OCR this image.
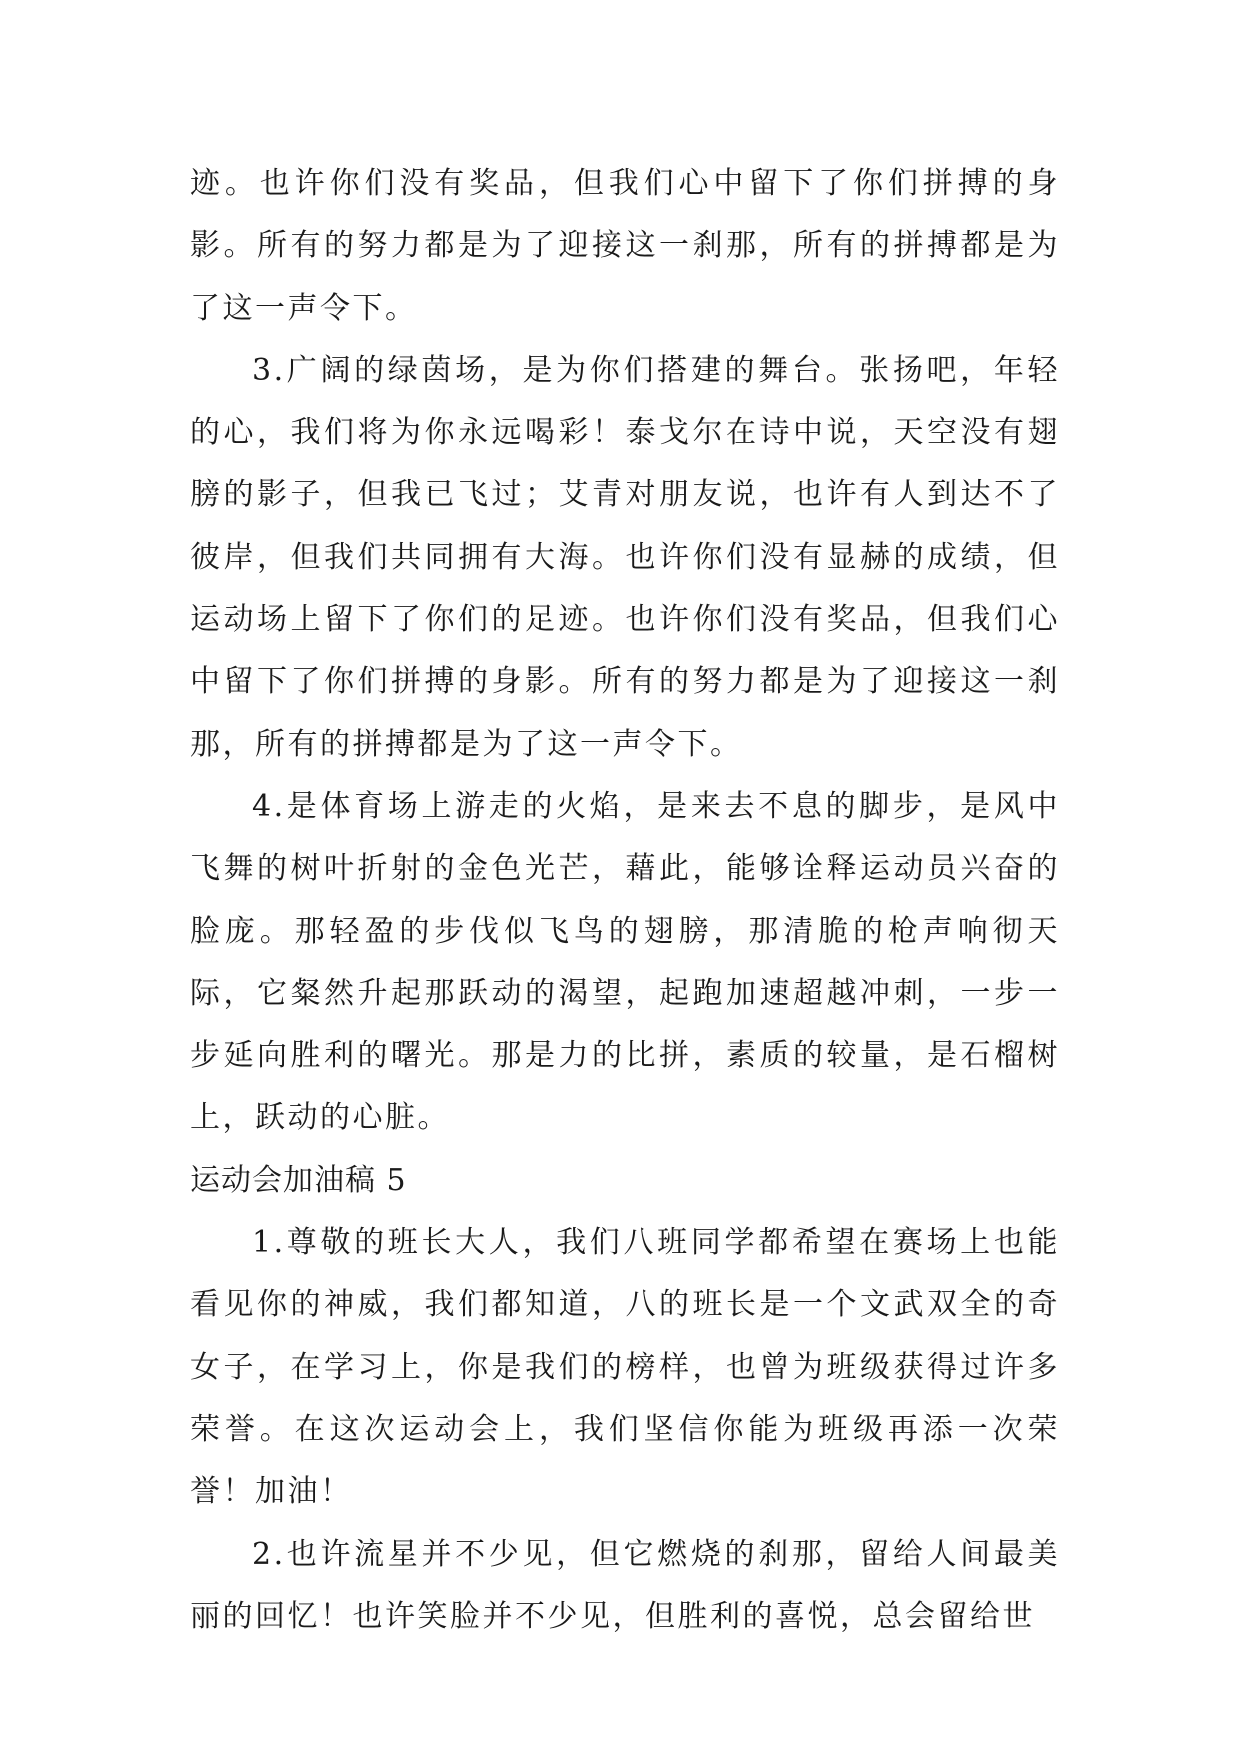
迹。也许你们没有奖品，但我们心中留下了你们拼搏的身影。所有的努力都是为了迎接这一刹那，所有的拼搏都是为了这一声令下。

3.广阔的绿茵场，是为你们搭建的舞台。张扬吧，年轻的心，我们将为你永远喝彩！泰戈尔在诗中说，天空没有翅膀的影子，但我已飞过；艾青对朋友说，也许有人到达不了彼岸，但我们共同拥有大海。也许你们没有显赫的成绩，但运动场上留下了你们的足迹。也许你们没有奖品，但我们心中留下了你们拼搏的身影。所有的努力都是为了迎接这一刹那，所有的拼搏都是为了这一声令下。

4.是体育场上游走的火焰，是来去不息的脚步，是风中飞舞的树叶折射的金色光芒，藉此，能够诠释运动员兴奋的脸庞。那轻盈的步伐似飞鸟的翅膀，那清脆的枪声响彻天际，它粲然升起那跃动的渴望，起跑加速超越冲刺，一步一步延向胜利的曙光。那是力的比拼，素质的较量，是石榴树上，跃动的心脏。

运动会加油稿 5

1.尊敬的班长大人，我们八班同学都希望在赛场上也能看见你的神威，我们都知道，八的班长是一个文武双全的奇女子，在学习上，你是我们的榜样，也曾为班级获得过许多荣誉。在这次运动会上，我们坚信你能为班级再添一次荣誉！加油！

2.也许流星并不少见，但它燃烧的刹那，留给人间最美丽的回忆！也许笑脸并不少见，但胜利的喜悦，总会留给世
